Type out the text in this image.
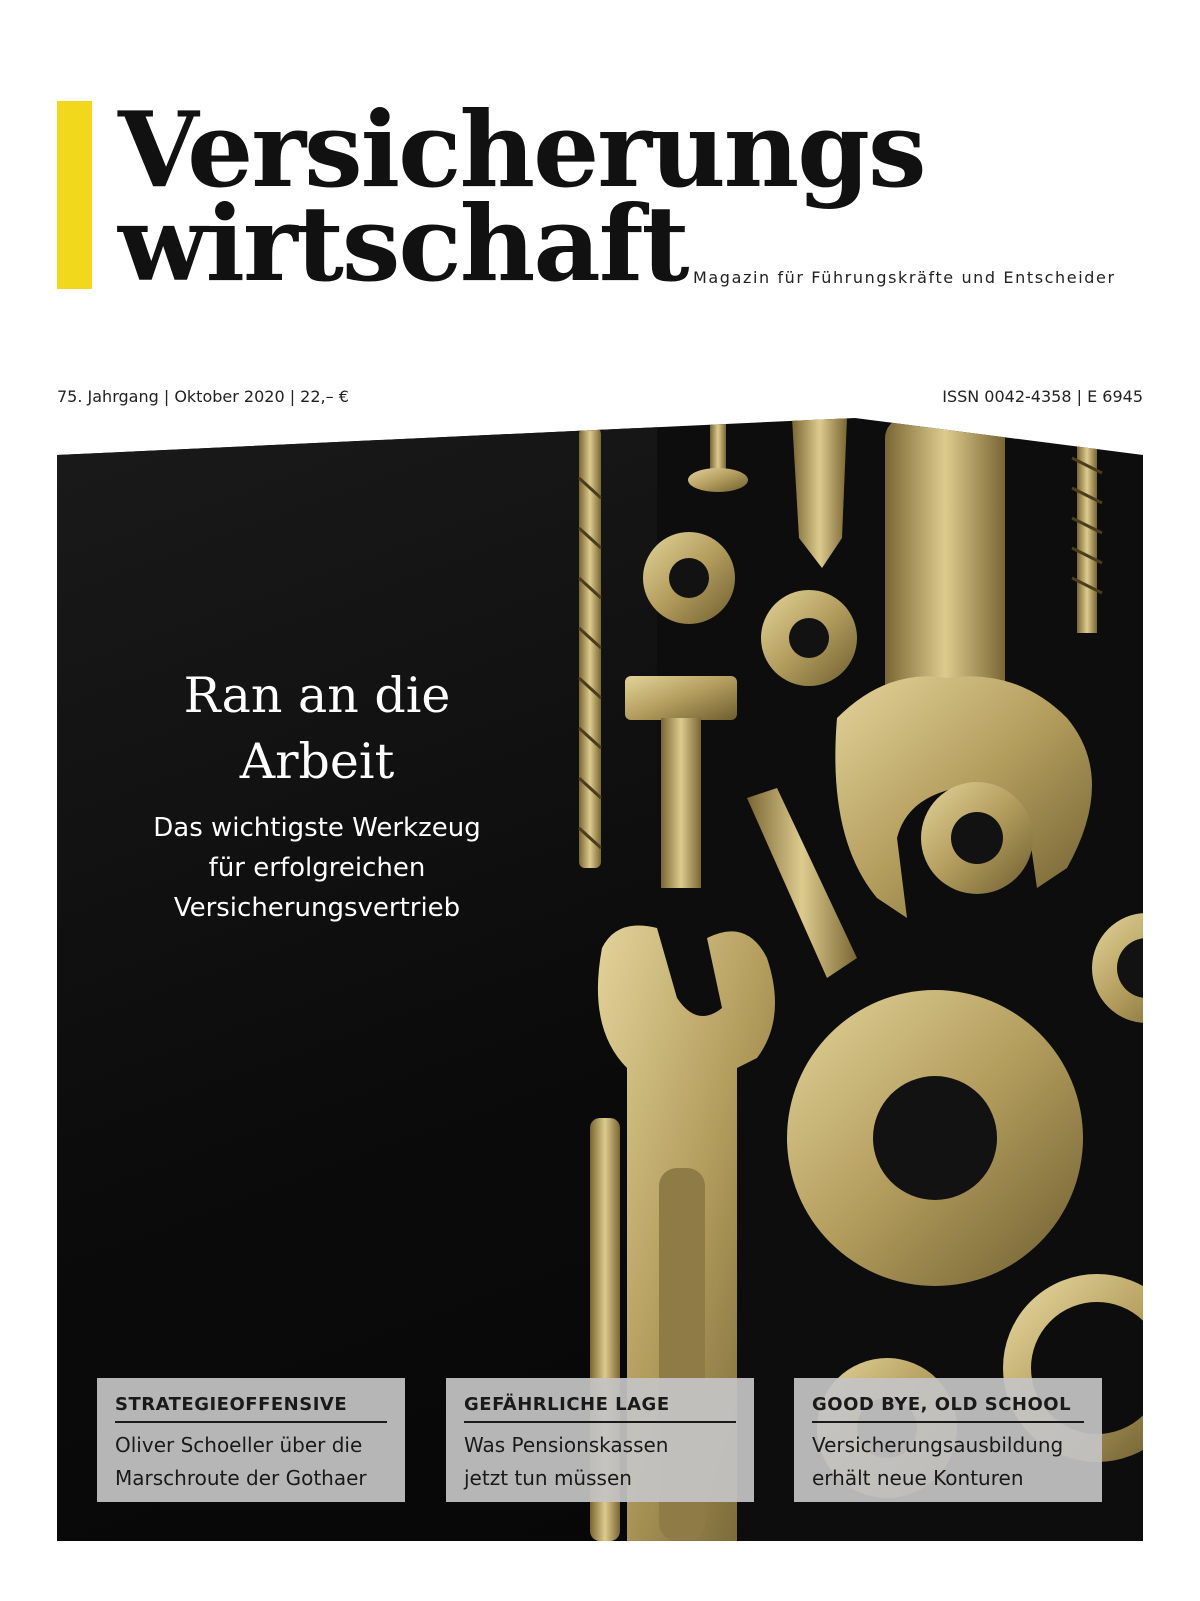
Versicherungs
wirtschaft Magazin für Führungskräfte und Entscheider
75. Jahrgang | Oktober 2020 | 22,– €	ISSN 0042-4358 | E 6945
Ran an die
Arbeit
Das wichtigste Werkzeug
für erfolgreichen
Versicherungsvertrieb
STRATEGIEOFFENSIVE
Oliver Schoeller über die
Marschroute der Gothaer
GEFÄHRLICHE LAGE
Was Pensionskassen
jetzt tun müssen
GOOD BYE, OLD SCHOOL
Versicherungsausbildung
erhält neue Konturen
